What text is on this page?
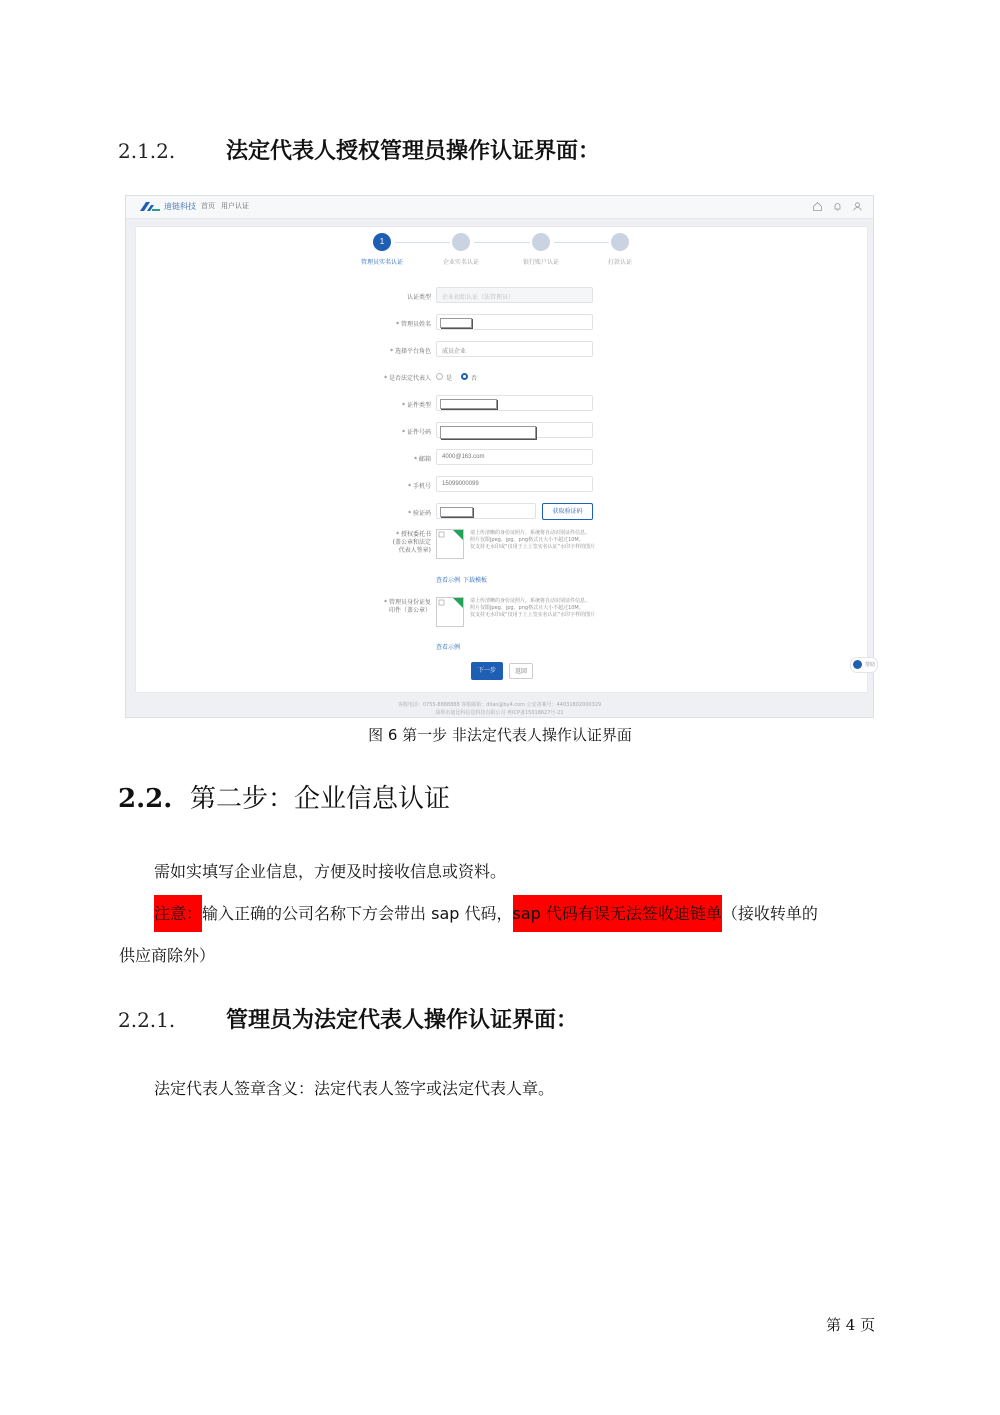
2.1.2. 法定代表人授权管理员操作认证界面：
迪链科技 首页 用户认证
1
管理员实名认证	企业实名认证	银行账户认证	打款认证
认证类型	企业初始认证（法管理员）
* 管理员姓名
* 选择平台角色	成员企业
* 是否法定代表人	是	否
* 证件类型
* 证件号码
* 邮箱	4000@163.com
* 手机号	15099000099
* 验证码	获取验证码
* 授权委托书
(盖公章和法定
代表人签章)
请上传清晰的身份证照片，系统将自动识别证件信息。
照片仅限jpeg、jpg、png格式且大小不超过10M。
仅支持无水印或“仅用于上上签实名认证”水印字样的图片
查看示例 下载模板
* 管理员身份证复
印件（盖公章）
请上传清晰的身份证照片，系统将自动识别证件信息。
照片仅限jpeg、jpg、png格式且大小不超过10M。
仅支持无水印或“仅用于上上签实名认证”水印字样的图片
查看示例
下一步	返回
帮助
客服电话：0755-8888888 客服邮箱：dlian@by4.com 公安备案号：44031802000329
深圳市迪比科信息科技有限公司 粤ICP备15018627号-21
图 6 第一步 非法定代表人操作认证界面
2.2. 第二步：企业信息认证
需如实填写企业信息，方便及时接收信息或资料。
注意：输入正确的公司名称下方会带出 sap 代码，sap 代码有误无法签收迪链单（接收转单的
供应商除外）
2.2.1. 管理员为法定代表人操作认证界面：
法定代表人签章含义：法定代表人签字或法定代表人章。
第 4 页
